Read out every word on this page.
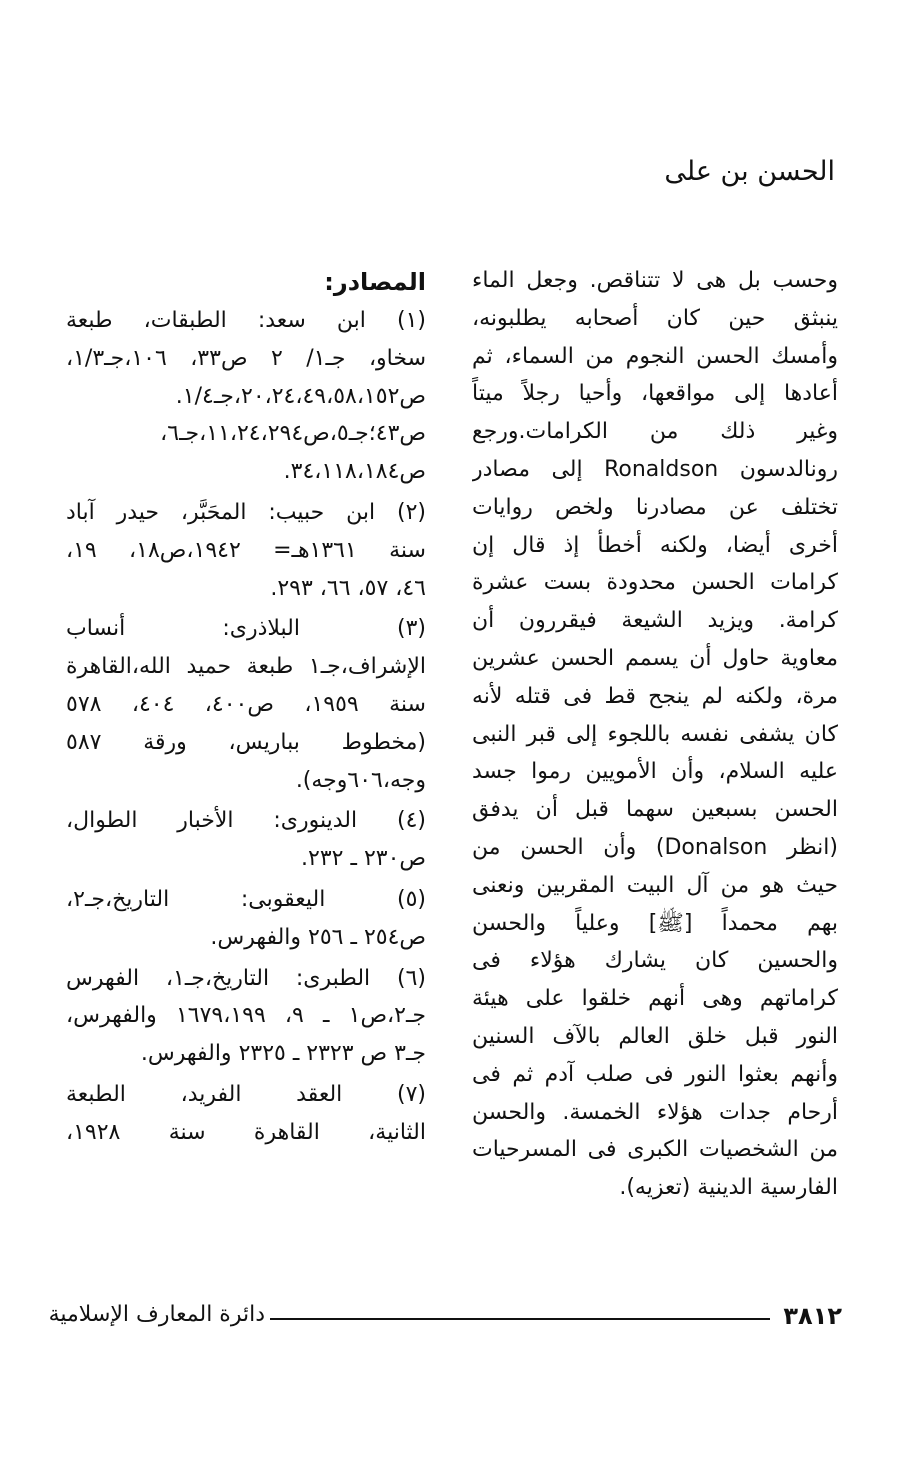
الحسن بن على
وحسب بل هى لا تتناقص. وجعل الماء
ينبثق حين كان أصحابه يطلبونه،
وأمسك الحسن النجوم من السماء، ثم
أعادها إلى مواقعها، وأحيا رجلاً ميتاً
وغير ذلك من الكرامات.ورجع
رونالدسون Ronaldson إلى مصادر
تختلف عن مصادرنا ولخص روايات
أخرى أيضا، ولكنه أخطأ إذ قال إن
كرامات الحسن محدودة بست عشرة
كرامة. ويزيد الشيعة فيقررون أن
معاوية حاول أن يسمم الحسن عشرين
مرة، ولكنه لم ينجح قط فى قتله لأنه
كان يشفى نفسه باللجوء إلى قبر النبى
عليه السلام، وأن الأمويين رموا جسد
الحسن بسبعين سهما قبل أن يدفق
(انظر Donalson) وأن الحسن من
حيث هو من آل البيت المقربين ونعنى
بهم محمداً [ﷺ] وعلياً والحسن
والحسين كان يشارك هؤلاء فى
كراماتهم وهى أنهم خلقوا على هيئة
النور قبل خلق العالم بالآف السنين
وأنهم بعثوا النور فى صلب آدم ثم فى
أرحام جدات هؤلاء الخمسة. والحسن
من الشخصيات الكبرى فى المسرحيات
الفارسية الدينية (تعزيه).
المصادر:
(١) ابن سعد: الطبقات، طبعة
سخاو، جـ١/ ٢ ص٣٣، ١٠٦،جـ١/٣،
ص٢٠،٢٤،٤٩،٥٨،١٥٢،جـ١/٤.
ص٤٣؛جـ٥،ص١١،٢٤،٢٩٤،جـ٦،
ص٣٤،١١٨،١٨٤.
(٢) ابن حبيب: المحَبَّر، حيدر آباد
سنة ١٣٦١هـ= ١٩٤٢،ص١٨، ١٩،
٤٦، ٥٧، ٦٦، ٢٩٣.
(٣) البلاذرى: أنساب
الإشراف،جـ١ طبعة حميد الله،القاهرة
سنة ١٩٥٩، ص٤٠٠، ٤٠٤، ٥٧٨
(مخطوط بباريس، ورقة ٥٨٧
وجه،٦٠٦وجه).
(٤) الدينورى: الأخبار الطوال،
ص٢٣٠ ـ ٢٣٢.
(٥) اليعقوبى: التاريخ،جـ٢،
ص٢٥٤ ـ ٢٥٦ والفهرس.
(٦) الطبرى: التاريخ،جـ١، الفهرس
جـ٢،ص١ ـ ٩، ١٦٧٩،١٩٩ والفهرس،
جـ٣ ص ٢٣٢٣ ـ ٢٣٢٥ والفهرس.
(٧) العقد الفريد، الطبعة
الثانية، القاهرة سنة ١٩٢٨،
٣٨١٢
دائرة المعارف الإسلامية
